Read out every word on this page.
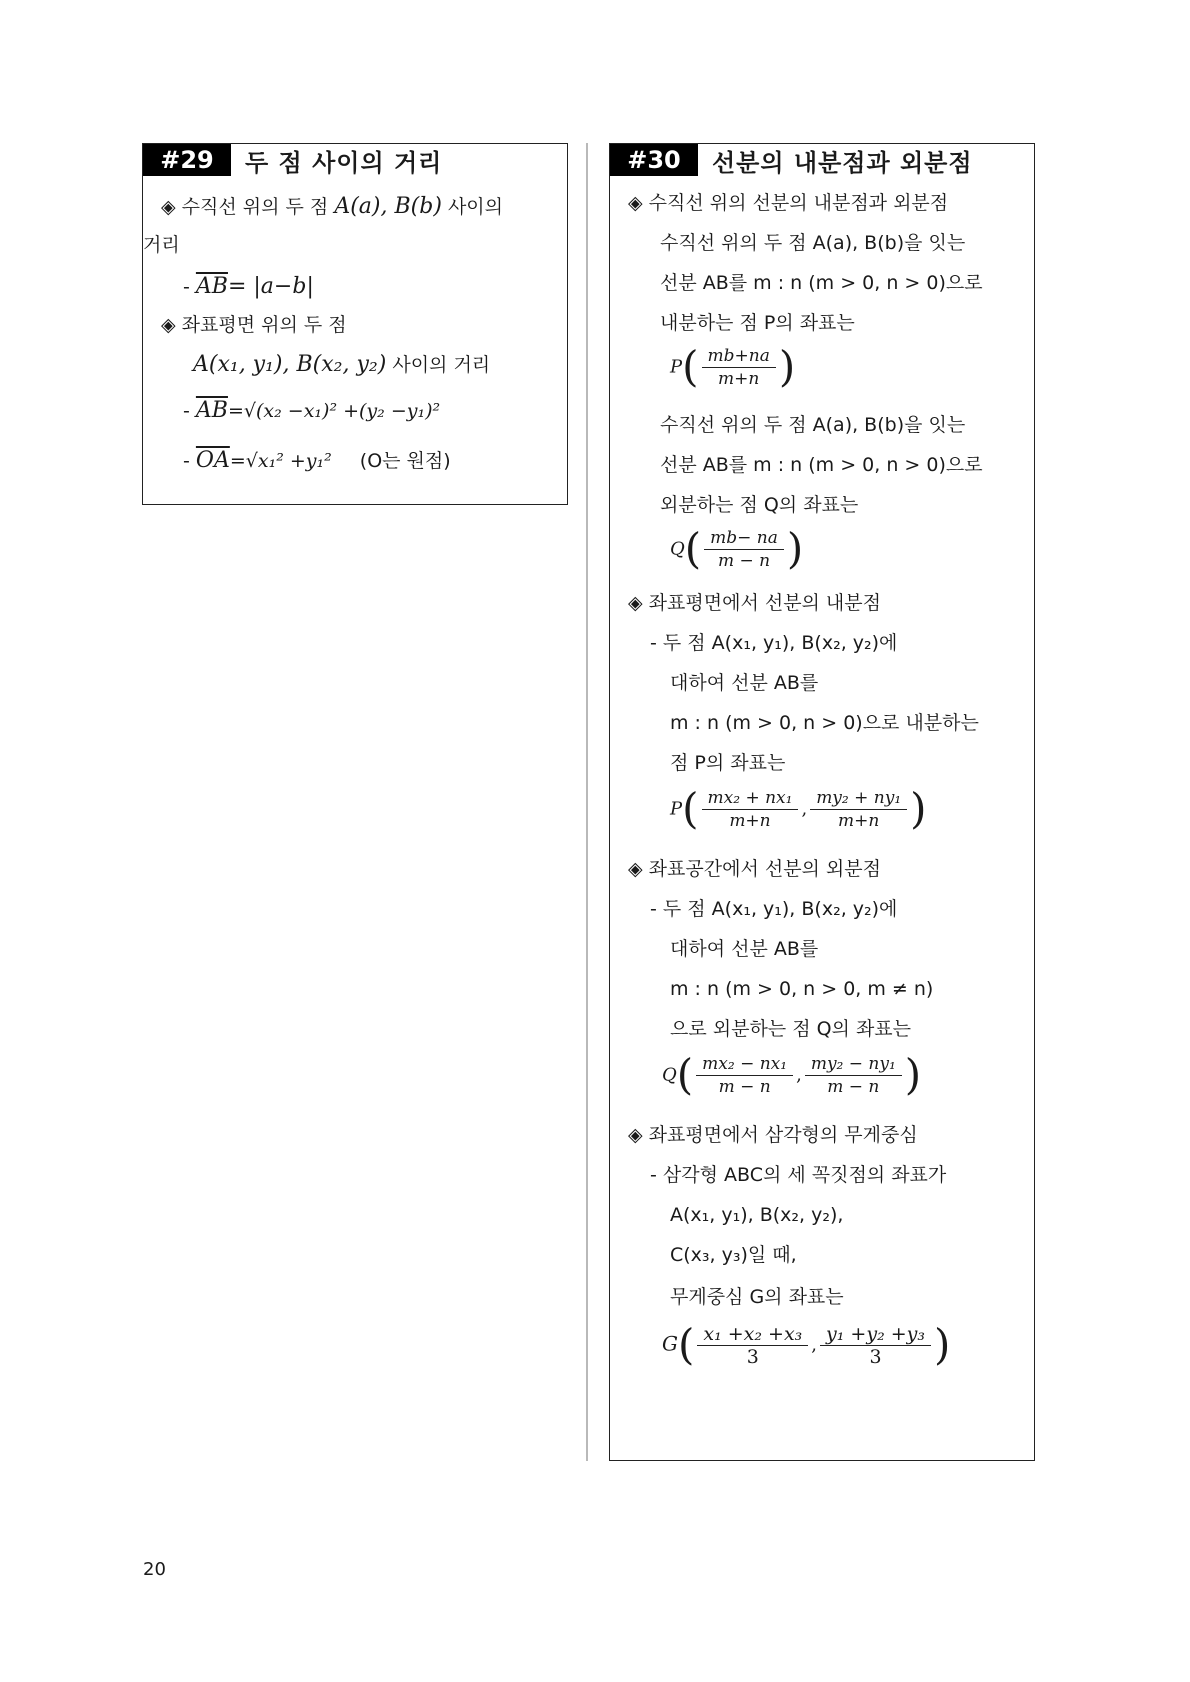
#29	두 점 사이의 거리
◈ 수직선 위의 두 점 A(a), B(b) 사이의
거리
- $\overline{AB}= |a-b|$
◈ 좌표평면 위의 두 점
A(x₁, y₁), B(x₂, y₂) 사이의 거리
- $\overline{AB}=√(x_2 -x_1)^2 +(y_2 -y_1)^2$
- $\overline{OA}=√x_1^2 +y_1^2$ (O는 원점)
#30	선분의 내분점과 외분점
◈ 수직선 위의 선분의 내분점과 외분점
수직선 위의 두 점 A(a), B(b)을 잇는
선분 AB를 m : n (m > 0, n > 0)으로
내분하는 점 P의 좌표는
$P( \frac{mb+na}{m+n}$ )
수직선 위의 두 점 A(a), B(b)을 잇는
선분 AB를 m : n (m > 0, n > 0)으로
외분하는 점 Q의 좌표는
$Q( \frac{mb- na}{m - n}$ )
◈ 좌표평면에서 선분의 내분점
- 두 점 A(x₁, y₁), B(x₂, y₂)에
대하여 선분 AB를
m : n (m > 0, n > 0)으로 내분하는
점 P의 좌표는
$P( \frac{\text{mx₂ + nx₁}}{m+n}$ , $\frac{\text{my₂ + ny₁}}{m+n}$ )
◈ 좌표공간에서 선분의 외분점
- 두 점 A(x₁, y₁), B(x₂, y₂)에
대하여 선분 AB를
m : n (m > 0, n > 0, m ≠ n)
으로 외분하는 점 Q의 좌표는
$Q( \frac{\text{mx₂ − nx₁}}{m - n}$ , $\frac{\text{my₂ − ny₁}}{m - n}$ )
◈ 좌표평면에서 삼각형의 무게중심
- 삼각형 ABC의 세 꼭짓점의 좌표가
A(x₁, y₁), B(x₂, y₂),
C(x₃, y₃)일 때,
무게중심 G의 좌표는
$G( \frac{\text{x₁ +x₂ +x₃}}{3}$ , $\frac{\text{y₁ +y₂ +y₃}}{3}$ )
20
